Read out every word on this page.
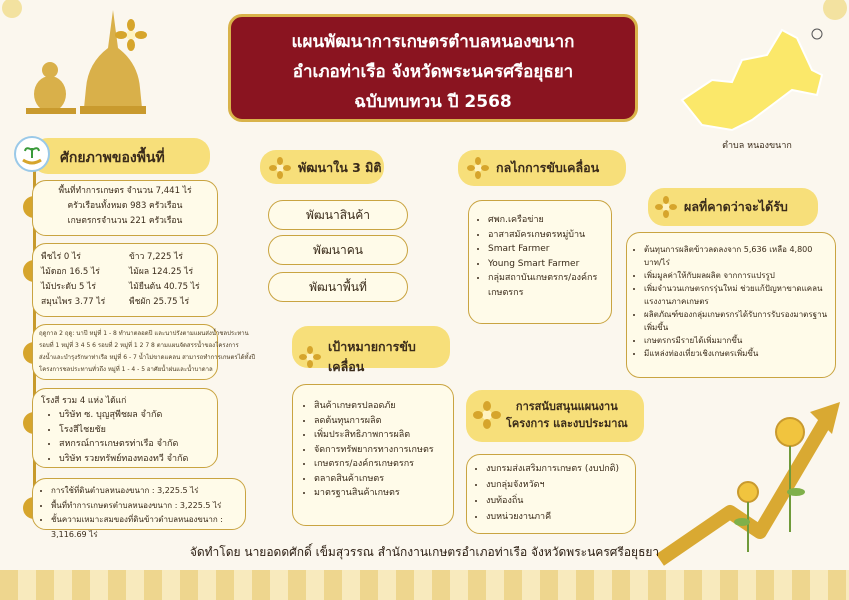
แผนพัฒนาการเกษตรตำบลหนองขนาก
อำเภอท่าเรือ จังหวัดพระนครศรีอยุธยา
ฉบับทบทวน ปี 2568
ตำบล หนองขนาก
ศักยภาพของพื้นที่
พื้นที่ทำการเกษตร จำนวน 7,441 ไร่
ครัวเรือนทั้งหมด 983 ครัวเรือน
เกษตรกรจำนวน 221 ครัวเรือน
พืชไร่ 0 ไร่
ไม้ดอก 16.5 ไร่
ไม้ประดับ 5 ไร่
สมุนไพร 3.77 ไร่
ข้าว 7,225 ไร่
ไม้ผล 124.25 ไร่
ไม้ยืนต้น 40.75 ไร่
พืชผัก 25.75 ไร่
ฤดูกาล 2 ฤดู: นาปี หมู่ที่ 1 - 8 ทำนาตลอดปี และนาปรังตามแผนส่งน้ำชลประทาน
รอบที่ 1 หมู่ที่ 3 4 5 6 รอบที่ 2 หมู่ที่ 1 2 7 8 ตามแผนจัดสรรน้ำของโครงการ
ส่งน้ำและบำรุงรักษาท่าเรือ หมู่ที่ 6 - 7 น้ำไม่ขาดแคลน สามารถทำการเกษตรได้ทั้งปี
โครงการชลประทานทั่วถึง หมู่ที่ 1 - 4 - 5 อาศัยน้ำฝนและน้ำบาดาล
โรงสี รวม 4 แห่ง ได้แก่
• บริษัท ซ. บุญสุพีชผล จำกัด
• โรงสีไชยชัย
• สหกรณ์การเกษตรท่าเรือ จำกัด
• บริษัท รวยทรัพย์ทองทองทวี จำกัด
• การใช้ที่ดินตำบลหนองขนาก : 3,225.5 ไร่
• พื้นที่ทำการเกษตรตำบลหนองขนาก : 3,225.5 ไร่
• ชั้นความเหมาะสมของที่ดินข้าวตำบลหนองขนาก : 3,116.69 ไร่
พัฒนาใน 3 มิติ
พัฒนาสินค้า
พัฒนาคน
พัฒนาพื้นที่
เป้าหมายการขับเคลื่อน
• สินค้าเกษตรปลอดภัย
• ลดต้นทุนการผลิต
• เพิ่มประสิทธิภาพการผลิต
• จัดการทรัพยากรทางการเกษตร
• เกษตรกร/องค์กรเกษตรกร
• ตลาดสินค้าเกษตร
• มาตรฐานสินค้าเกษตร
กลไกการขับเคลื่อน
• ศพก.เครือข่าย
• อาสาสมัครเกษตรหมู่บ้าน
• Smart Farmer
• Young Smart Farmer
• กลุ่มสถาบันเกษตรกร/องค์กรเกษตรกร
ผลที่คาดว่าจะได้รับ
• ต้นทุนการผลิตข้าวลดลงจาก 5,636 เหลือ 4,800 บาท/ไร่
• เพิ่มมูลค่าให้กับผลผลิต จากการแปรรูป
• เพิ่มจำนวนเกษตรกรรุ่นใหม่ ช่วยแก้ปัญหาขาดแคลนแรงงานภาคเกษตร
• ผลิตภัณฑ์ของกลุ่มเกษตรกรได้รับการรับรองมาตรฐานเพิ่มขึ้น
• เกษตรกรมีรายได้เพิ่มมากขึ้น
• มีแหล่งท่องเที่ยวเชิงเกษตรเพิ่มขึ้น
การสนับสนุนแผนงาน
โครงการ และงบประมาณ
• งบกรมส่งเสริมการเกษตร (งบปกติ)
• งบกลุ่มจังหวัดฯ
• งบท้องถิ่น
• งบหน่วยงานภาคี
จัดทำโดย นายอดดศักดิ์ เข็มสุวรรณ สำนักงานเกษตรอำเภอท่าเรือ จังหวัดพระนครศรีอยุธยา
